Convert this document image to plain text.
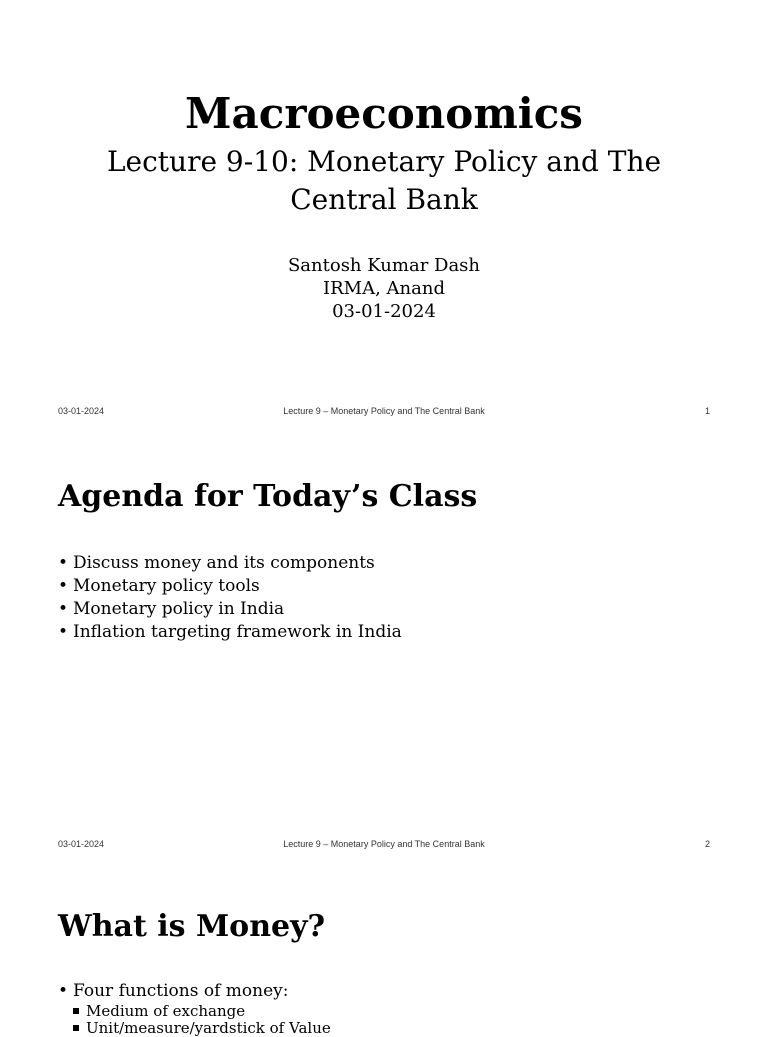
Macroeconomics
Lecture 9-10: Monetary Policy and The Central Bank
Santosh Kumar Dash
IRMA, Anand
03-01-2024
03-01-2024	Lecture 9 – Monetary Policy and The Central Bank	1
Agenda for Today’s Class
• Discuss money and its components
• Monetary policy tools
• Monetary policy in India
• Inflation targeting framework in India
03-01-2024	Lecture 9 – Monetary Policy and The Central Bank	2
What is Money?
• Four functions of money:
Medium of exchange
Unit/measure/yardstick of Value
